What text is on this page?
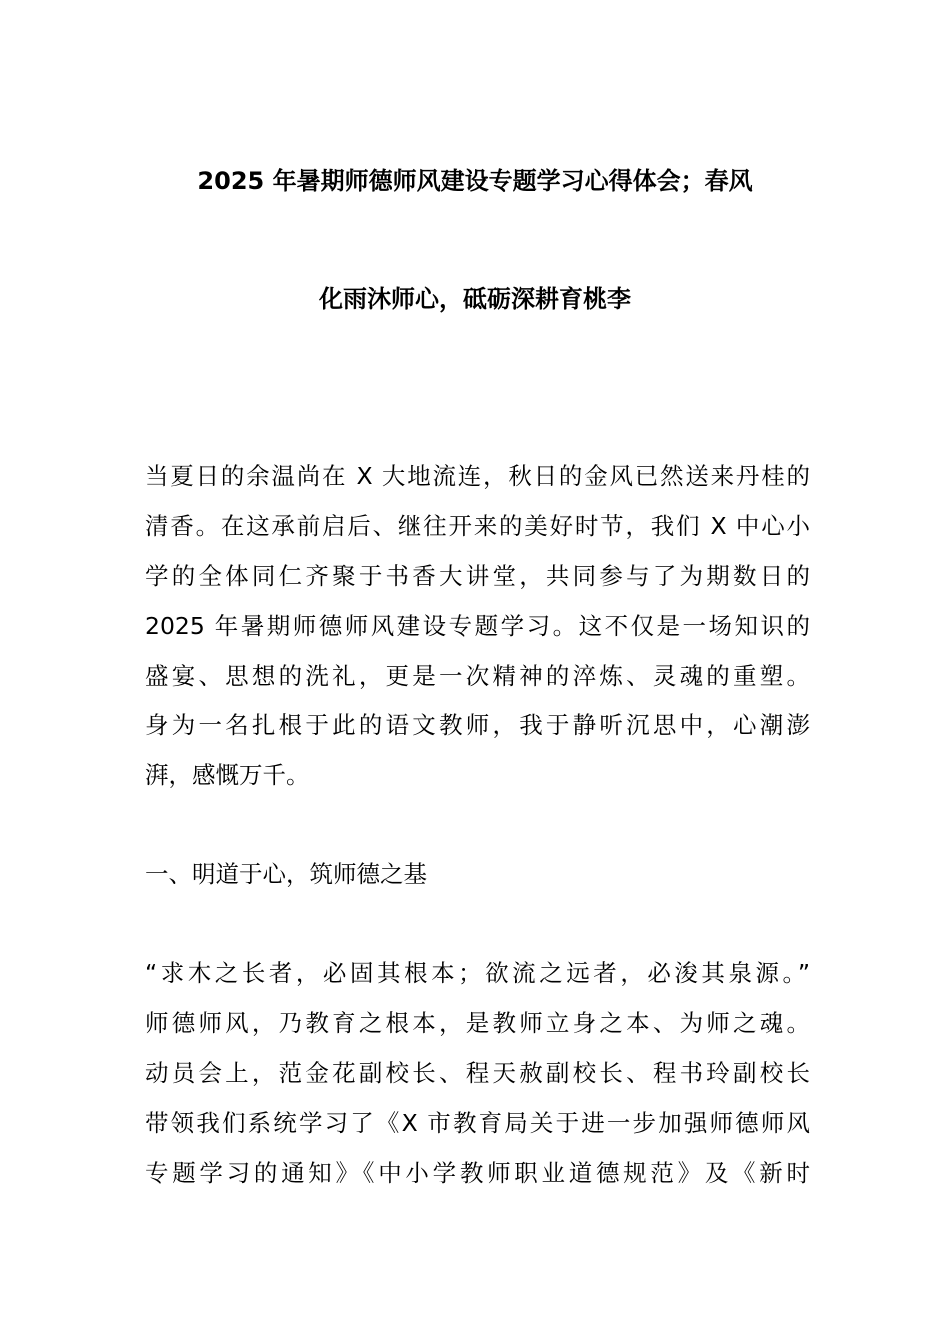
2025 年暑期师德师风建设专题学习心得体会；春风
化雨沐师心，砥砺深耕育桃李
当夏日的余温尚在 X 大地流连，秋日的金风已然送来丹桂的
清香。在这承前启后、继往开来的美好时节，我们 X 中心小
学的全体同仁齐聚于书香大讲堂，共同参与了为期数日的
2025 年暑期师德师风建设专题学习。这不仅是一场知识的
盛宴、思想的洗礼，更是一次精神的淬炼、灵魂的重塑。
身为一名扎根于此的语文教师，我于静听沉思中，心潮澎
湃，感慨万千。
一、明道于心，筑师德之基
“求木之长者，必固其根本；欲流之远者，必浚其泉源。”
师德师风，乃教育之根本，是教师立身之本、为师之魂。
动员会上，范金花副校长、程天赦副校长、程书玲副校长
带领我们系统学习了《X 市教育局关于进一步加强师德师风
专题学习的通知》《中小学教师职业道德规范》及《新时
